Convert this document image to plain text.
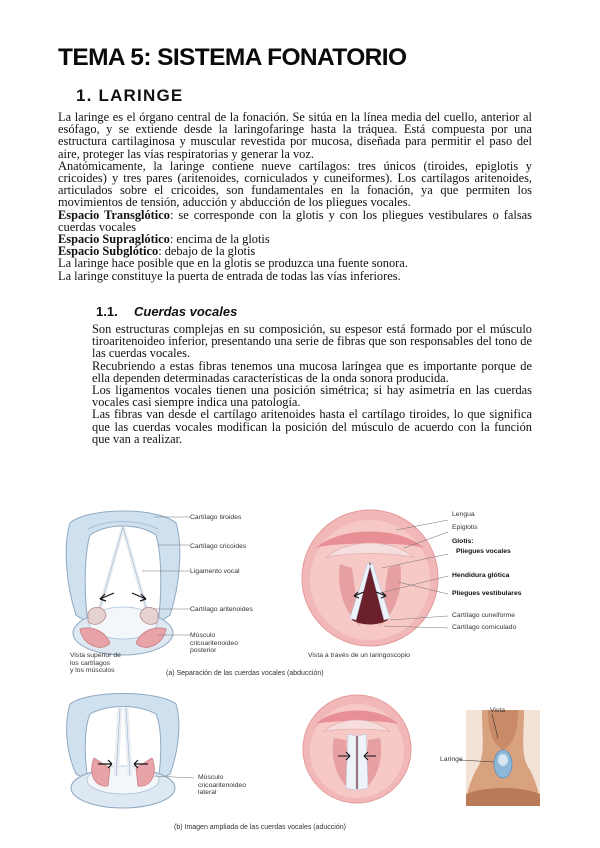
TEMA 5: SISTEMA FONATORIO
1. LARINGE

La laringe es el órgano central de la fonación. Se sitúa en la línea media del cuello, anterior al esófago, y se extiende desde la laringofaringe hasta la tráquea. Está compuesta por una estructura cartilaginosa y muscular revestida por mucosa, diseñada para permitir el paso del aire, proteger las vías respiratorias y generar la voz.

Anatómicamente, la laringe contiene nueve cartílagos: tres únicos (tiroides, epiglotis y cricoides) y tres pares (aritenoides, corniculados y cuneiformes). Los cartílagos aritenoides, articulados sobre el cricoides, son fundamentales en la fonación, ya que permiten los movimientos de tensión, aducción y abducción de los pliegues vocales.

Espacio Transglótico: se corresponde con la glotis y con los pliegues vestibulares o falsas cuerdas vocales

Espacio Supraglótico: encima de la glotis

Espacio Subglótico: debajo de la glotis

La laringe hace posible que en la glotis se produzca una fuente sonora.

La laringe constituye la puerta de entrada de todas las vías inferiores.

1.1. Cuerdas vocales

Son estructuras complejas en su composición, su espesor está formado por el músculo tiroaritenoideo inferior, presentando una serie de fibras que son responsables del tono de las cuerdas vocales.

Recubriendo a estas fibras tenemos una mucosa laríngea que es importante porque de ella dependen determinadas características de la onda sonora producida.

Los ligamentos vocales tienen una posición simétrica; si hay asimetría en las cuerdas vocales casi siempre indica una patología.

Las fibras van desde el cartílago aritenoides hasta el cartílago tiroides, lo que significa que las cuerdas vocales modifican la posición del músculo de acuerdo con la función que van a realizar.

Cartílago tiroides
Cartílago cricoides
Ligamento vocal
Cartílago aritenoides
Músculo
cricoaritenoideo
posterior
Vista superior de
los cartílagos
y los músculos
Lengua
Epiglotis
Glotis:
Pliegues vocales
Hendidura glótica
Pliegues vestibulares
Cartílago cuneiforme
Cartílago corniculado
Vista a través de un laringoscopio
(a) Separación de las cuerdas vocales (abducción)
Músculo
cricoaritenoideo
lateral
Vista
Laringe
(b) Imagen ampliada de las cuerdas vocales (aducción)
